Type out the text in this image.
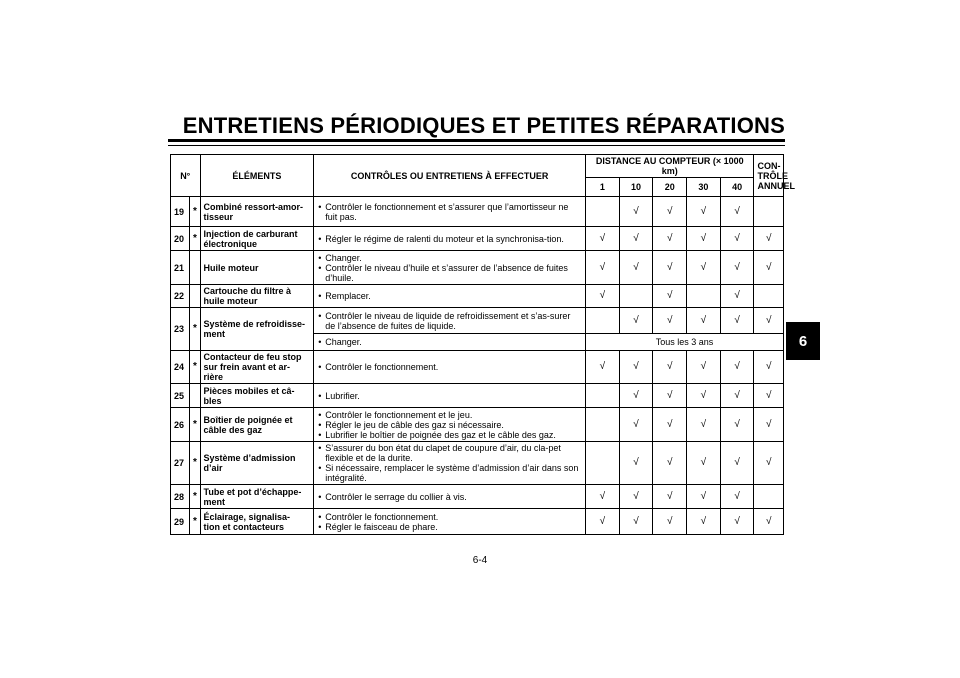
ENTRETIENS PÉRIODIQUES ET PETITES RÉPARATIONS
6
N°		ÉLÉMENTS	CONTRÔLES OU ENTRETIENS À EFFECTUER	DISTANCE AU COMPTEUR (× 1000 km)					CON-
TRÔLE
ANNUEL
				1	10	20	30	40	
19	*	Combiné ressort-amor-
tisseur	• Contrôler le fonctionnement et s’assurer que l’amortisseur ne fuit pas.		√	√	√	√	
20	*	Injection de carburant
électronique	• Régler le régime de ralenti du moteur et la synchronisa-tion.	√	√	√	√	√	√
21		Huile moteur	• Changer.
• Contrôler le niveau d’huile et s’assurer de l’absence de fuites d’huile.	√	√	√	√	√	√
22		Cartouche du filtre à
huile moteur	• Remplacer.	√		√		√	
23	*	Système de refroidisse-
ment	• Contrôler le niveau de liquide de refroidissement et s’as-surer de l’absence de fuites de liquide.		√	√	√	√	√

			• Changer.	Tous les 3 ans					
24	*	Contacteur de feu stop
sur frein avant et ar-
rière	• Contrôler le fonctionnement.	√	√	√	√	√	√
25		Pièces mobiles et câ-
bles	• Lubrifier.		√	√	√	√	√
26	*	Boîtier de poignée et
câble des gaz	• Contrôler le fonctionnement et le jeu.
• Régler le jeu de câble des gaz si nécessaire.
• Lubrifier le boîtier de poignée des gaz et le câble des gaz.		√	√	√	√	√
27	*	Système d’admission
d’air	• S’assurer du bon état du clapet de coupure d’air, du cla-pet flexible et de la durite.
• Si nécessaire, remplacer le système d’admission d’air dans son intégralité.		√	√	√	√	√
28	*	Tube et pot d’échappe-
ment	• Contrôler le serrage du collier à vis.	√	√	√	√	√	
29	*	Éclairage, signalisa-
tion et contacteurs	• Contrôler le fonctionnement.
• Régler le faisceau de phare.	√	√	√	√	√	√
6-4
